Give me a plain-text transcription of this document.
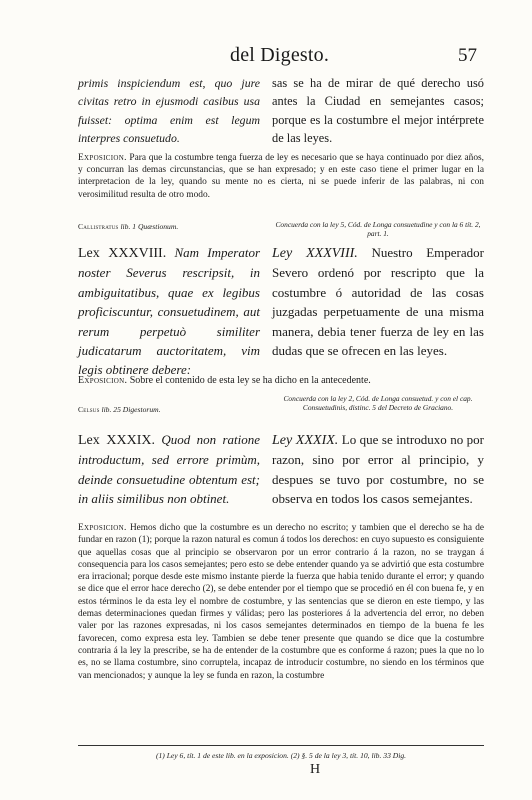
del Digesto.	57

primis inspiciendum est, quo jure civitas retro in ejusmodi casibus usa fuisset: optima enim est legum interpres consuetudo.

sas se ha de mirar de qué derecho usó antes la Ciudad en semejantes casos; porque es la costumbre el mejor intérprete de las leyes.

Exposicion. Para que la costumbre tenga fuerza de ley es necesario que se haya continuado por diez años, y concurran las demas circunstancias, que se han expresado; y en este caso tiene el primer lugar en la interpretacion de la ley, quando su mente no es cierta, ni se puede inferir de las palabras, ni con verosimilitud resulta de otro modo.

Callistratus lib. 1 Quæstionum.	Concuerda con la ley 5, Cód. de Longa consuetudine y con la 6 tít. 2, part. 1.

Lex XXXVIII. Nam Imperator noster Severus rescripsit, in ambiguitatibus, quae ex legibus proficiscuntur, consuetudinem, aut rerum perpetuò similiter judicatarum auctoritatem, vim legis obtinere debere:

Ley XXXVIII. Nuestro Emperador Severo ordenó por rescripto que la costumbre ó autoridad de las cosas juzgadas perpetuamente de una misma manera, debia tener fuerza de ley en las dudas que se ofrecen en las leyes.

Exposicion. Sobre el contenido de esta ley se ha dicho en la antecedente.

Celsus lib. 25 Digestorum.
Concuerda con la ley 2, Cód. de Longa consuetud. y con el cap. Consuetudinis, distinc. 5 del Decreto de Graciano.

Lex XXXIX. Quod non ratione introductum, sed errore primùm, deinde consuetudine obtentum est; in aliis similibus non obtinet.

Ley XXXIX. Lo que se introduxo no por razon, sino por error al principio, y despues se tuvo por costumbre, no se observa en todos los casos semejantes.

Exposicion. Hemos dicho que la costumbre es un derecho no escrito; y tambien que el derecho se ha de fundar en razon (1); porque la razon natural es comun á todos los derechos: en cuyo supuesto es consiguiente que aquellas cosas que al principio se observaron por un error contrario á la razon, no se traygan á consequencia para los casos semejantes; pero esto se debe entender quando ya se advirtió que esta costumbre era irracional; porque desde este mismo instante pierde la fuerza que habia tenido durante el error; y quando se dice que el error hace derecho (2), se debe entender por el tiempo que se procedió en él con buena fe, y en estos términos le da esta ley el nombre de costumbre, y las sentencias que se dieron en este tiempo, y las demas determinaciones quedan firmes y válidas; pero las posteriores á la advertencia del error, no deben valer por las razones expresadas, ni los casos semejantes determinados en tiempo de la buena fe les favorecen, como expresa esta ley. Tambien se debe tener presente que quando se dice que la costumbre contraria á la ley la prescribe, se ha de entender de la costumbre que es conforme á razon; pues la que no lo es, no se llama costumbre, sino corruptela, incapaz de introducir costumbre, no siendo en los términos que van mencionados; y aunque la ley se funda en razon, la costumbre

(1) Ley 6, tít. 1 de este lib. en la exposicion. (2) §. 5 de la ley 3, tít. 10, lib. 33 Dig.
H
